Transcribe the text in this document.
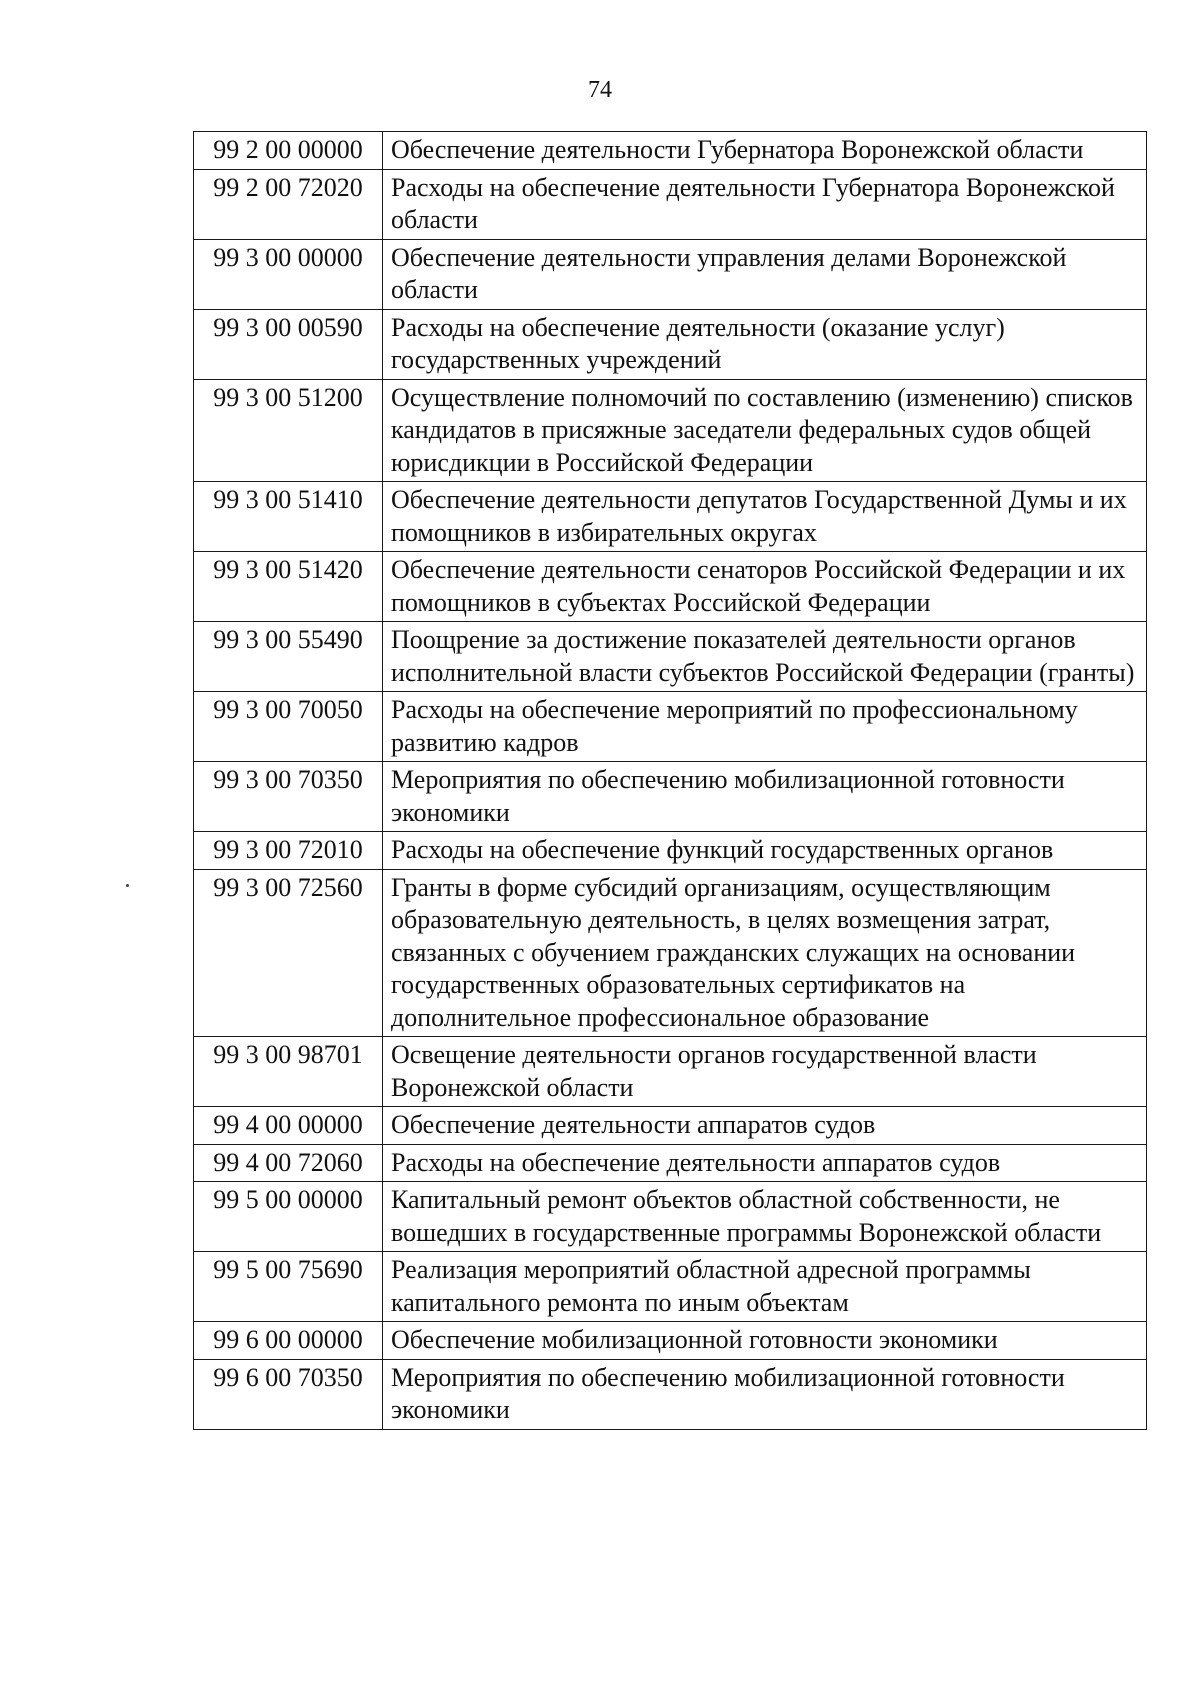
74
99 2 00 00000	Обеспечение деятельности Губернатора Воронежской области
99 2 00 72020	Расходы на обеспечение деятельности Губернатора Воронежской области
99 3 00 00000	Обеспечение деятельности управления делами Воронежской области
99 3 00 00590	Расходы на обеспечение деятельности (оказание услуг) государственных учреждений
99 3 00 51200	Осуществление полномочий по составлению (изменению) списков кандидатов в присяжные заседатели федеральных судов общей юрисдикции в Российской Федерации
99 3 00 51410	Обеспечение деятельности депутатов Государственной Думы и их помощников в избирательных округах
99 3 00 51420	Обеспечение деятельности сенаторов Российской Федерации и их помощников в субъектах Российской Федерации
99 3 00 55490	Поощрение за достижение показателей деятельности органов исполнительной власти субъектов Российской Федерации (гранты)
99 3 00 70050	Расходы на обеспечение мероприятий по профессиональному развитию кадров
99 3 00 70350	Мероприятия по обеспечению мобилизационной готовности экономики
99 3 00 72010	Расходы на обеспечение функций государственных органов
99 3 00 72560	Гранты в форме субсидий организациям, осуществляющим образовательную деятельность, в целях возмещения затрат, связанных с обучением гражданских служащих на основании государственных образовательных сертификатов на дополнительное профессиональное образование
99 3 00 98701	Освещение деятельности органов государственной власти Воронежской области
99 4 00 00000	Обеспечение деятельности аппаратов судов
99 4 00 72060	Расходы на обеспечение деятельности аппаратов судов
99 5 00 00000	Капитальный ремонт объектов областной собственности, не вошедших в государственные программы Воронежской области
99 5 00 75690	Реализация мероприятий областной адресной программы капитального ремонта по иным объектам
99 6 00 00000	Обеспечение мобилизационной готовности экономики
99 6 00 70350	Мероприятия по обеспечению мобилизационной готовности экономики
